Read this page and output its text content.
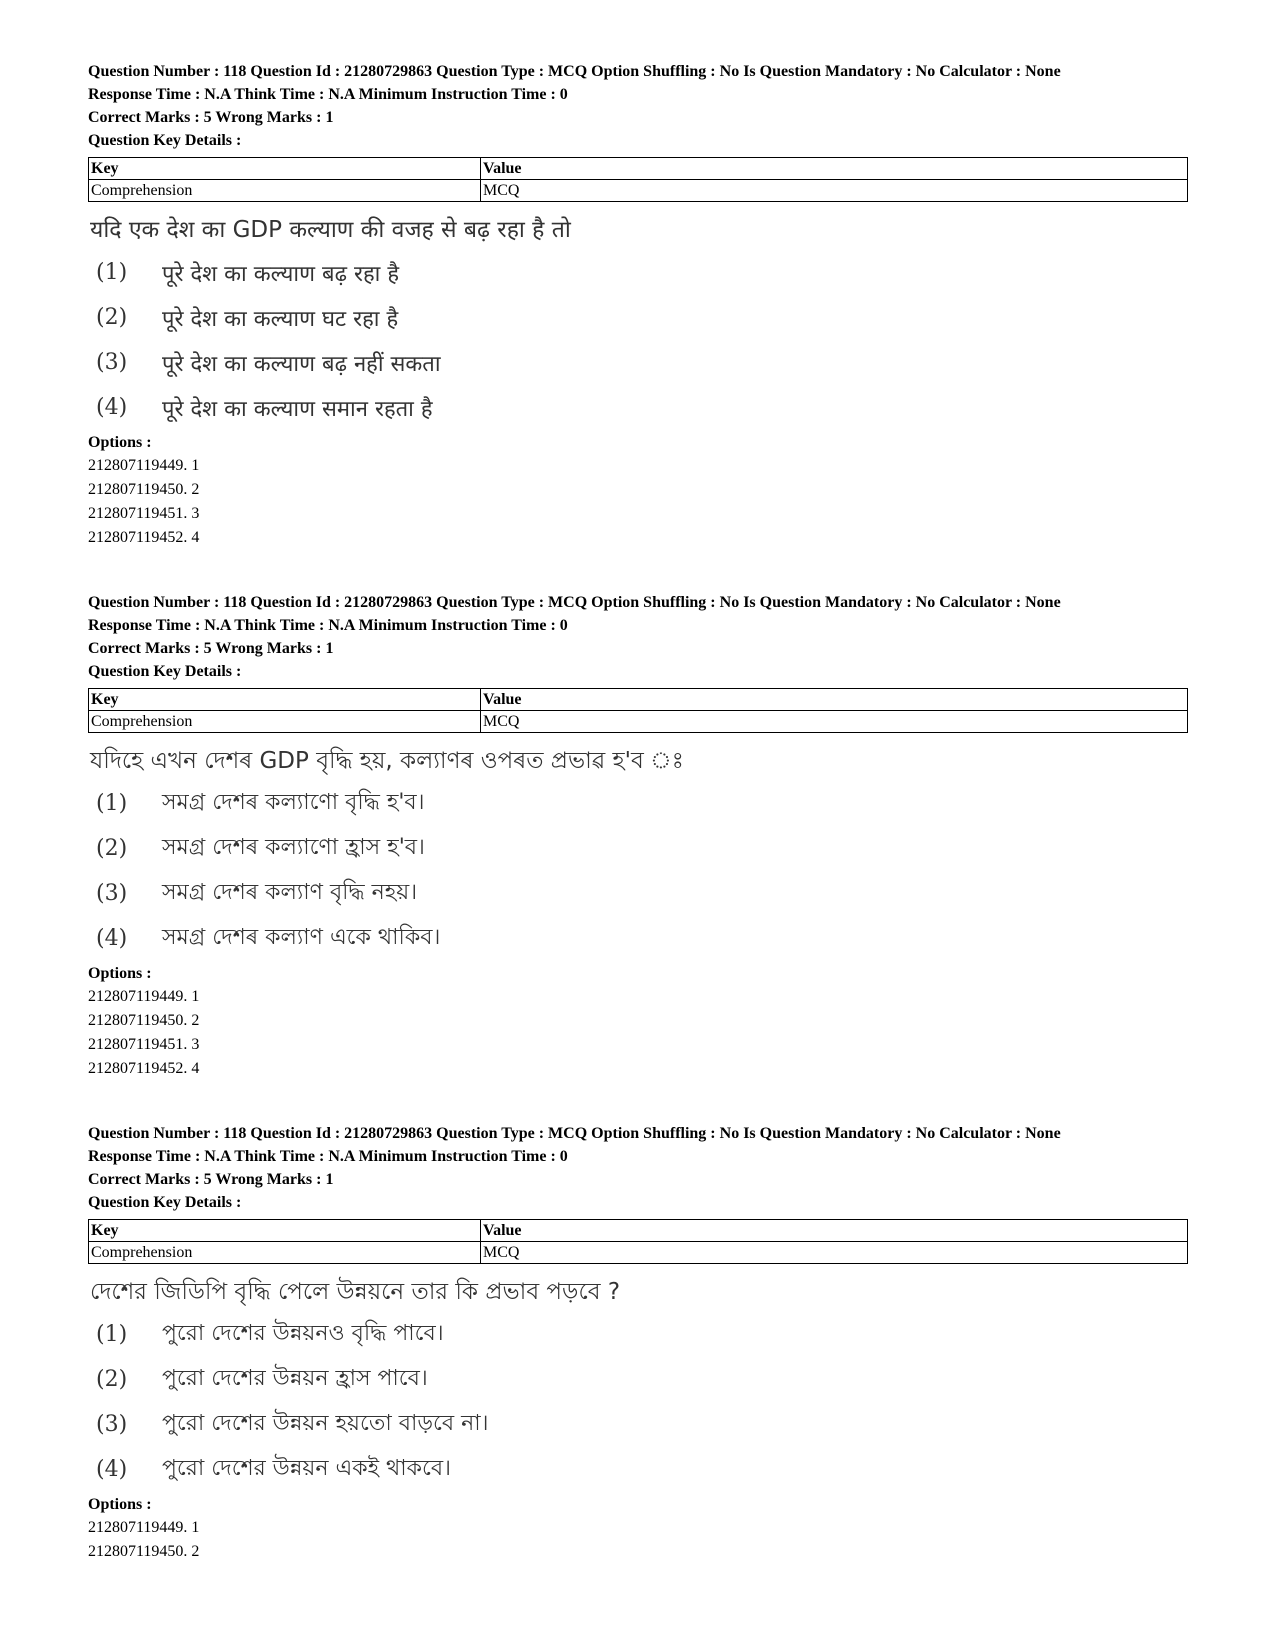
Question Number : 118 Question Id : 21280729863 Question Type : MCQ Option Shuffling : No Is Question Mandatory : No Calculator : None

Response Time : N.A Think Time : N.A Minimum Instruction Time : 0

Correct Marks : 5 Wrong Marks : 1

Question Key Details :

Key	Value
Comprehension	MCQ
यदि एक देश का GDP कल्याण की वजह से बढ़ रहा है तो
(1)	पूरे देश का कल्याण बढ़ रहा है
(2)	पूरे देश का कल्याण घट रहा है
(3)	पूरे देश का कल्याण बढ़ नहीं सकता
(4)	पूरे देश का कल्याण समान रहता है
Options :
212807119449. 1
212807119450. 2
212807119451. 3
212807119452. 4

Question Number : 118 Question Id : 21280729863 Question Type : MCQ Option Shuffling : No Is Question Mandatory : No Calculator : None

Response Time : N.A Think Time : N.A Minimum Instruction Time : 0

Correct Marks : 5 Wrong Marks : 1

Question Key Details :

Key	Value
Comprehension	MCQ
যদিহে এখন দেশৰ GDP বৃদ্ধি হয়, কল্যাণৰ ওপৰত প্ৰভাৱ হ'ব ঃ
(1)	সমগ্ৰ দেশৰ কল্যাণো বৃদ্ধি হ'ব।
(2)	সমগ্ৰ দেশৰ কল্যাণো হ্ৰাস হ'ব।
(3)	সমগ্ৰ দেশৰ কল্যাণ বৃদ্ধি নহয়।
(4)	সমগ্ৰ দেশৰ কল্যাণ একে থাকিব।
Options :
212807119449. 1
212807119450. 2
212807119451. 3
212807119452. 4

Question Number : 118 Question Id : 21280729863 Question Type : MCQ Option Shuffling : No Is Question Mandatory : No Calculator : None

Response Time : N.A Think Time : N.A Minimum Instruction Time : 0

Correct Marks : 5 Wrong Marks : 1

Question Key Details :

Key	Value
Comprehension	MCQ
দেশের জিডিপি বৃদ্ধি পেলে উন্নয়নে তার কি প্রভাব পড়বে ?
(1)	পুরো দেশের উন্নয়নও বৃদ্ধি পাবে।
(2)	পুরো দেশের উন্নয়ন হ্রাস পাবে।
(3)	পুরো দেশের উন্নয়ন হয়তো বাড়বে না।
(4)	পুরো দেশের উন্নয়ন একই থাকবে।
Options :
212807119449. 1
212807119450. 2
